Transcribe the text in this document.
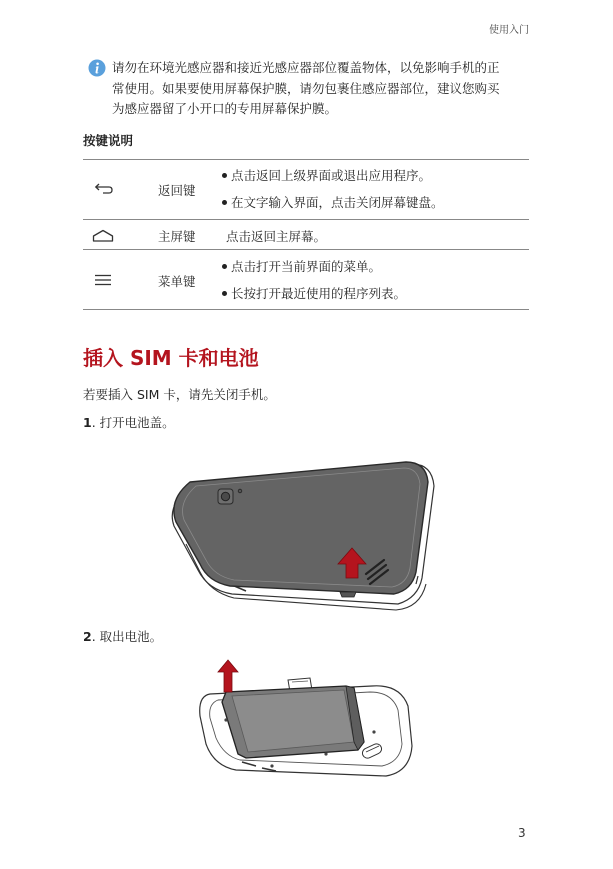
使用入门
请勿在环境光感应器和接近光感应器部位覆盖物体，以免影响手机的正
常使用。如果要使用屏幕保护膜，请勿包裹住感应器部位，建议您购买
为感应器留了小开口的专用屏幕保护膜。
按键说明
返回键
点击返回上级界面或退出应用程序。
在文字输入界面，点击关闭屏幕键盘。
主屏键 点击返回主屏幕。
菜单键
点击打开当前界面的菜单。
长按打开最近使用的程序列表。
插入 SIM 卡和电池
若要插入 SIM 卡，请先关闭手机。
1. 打开电池盖。
2. 取出电池。
3
